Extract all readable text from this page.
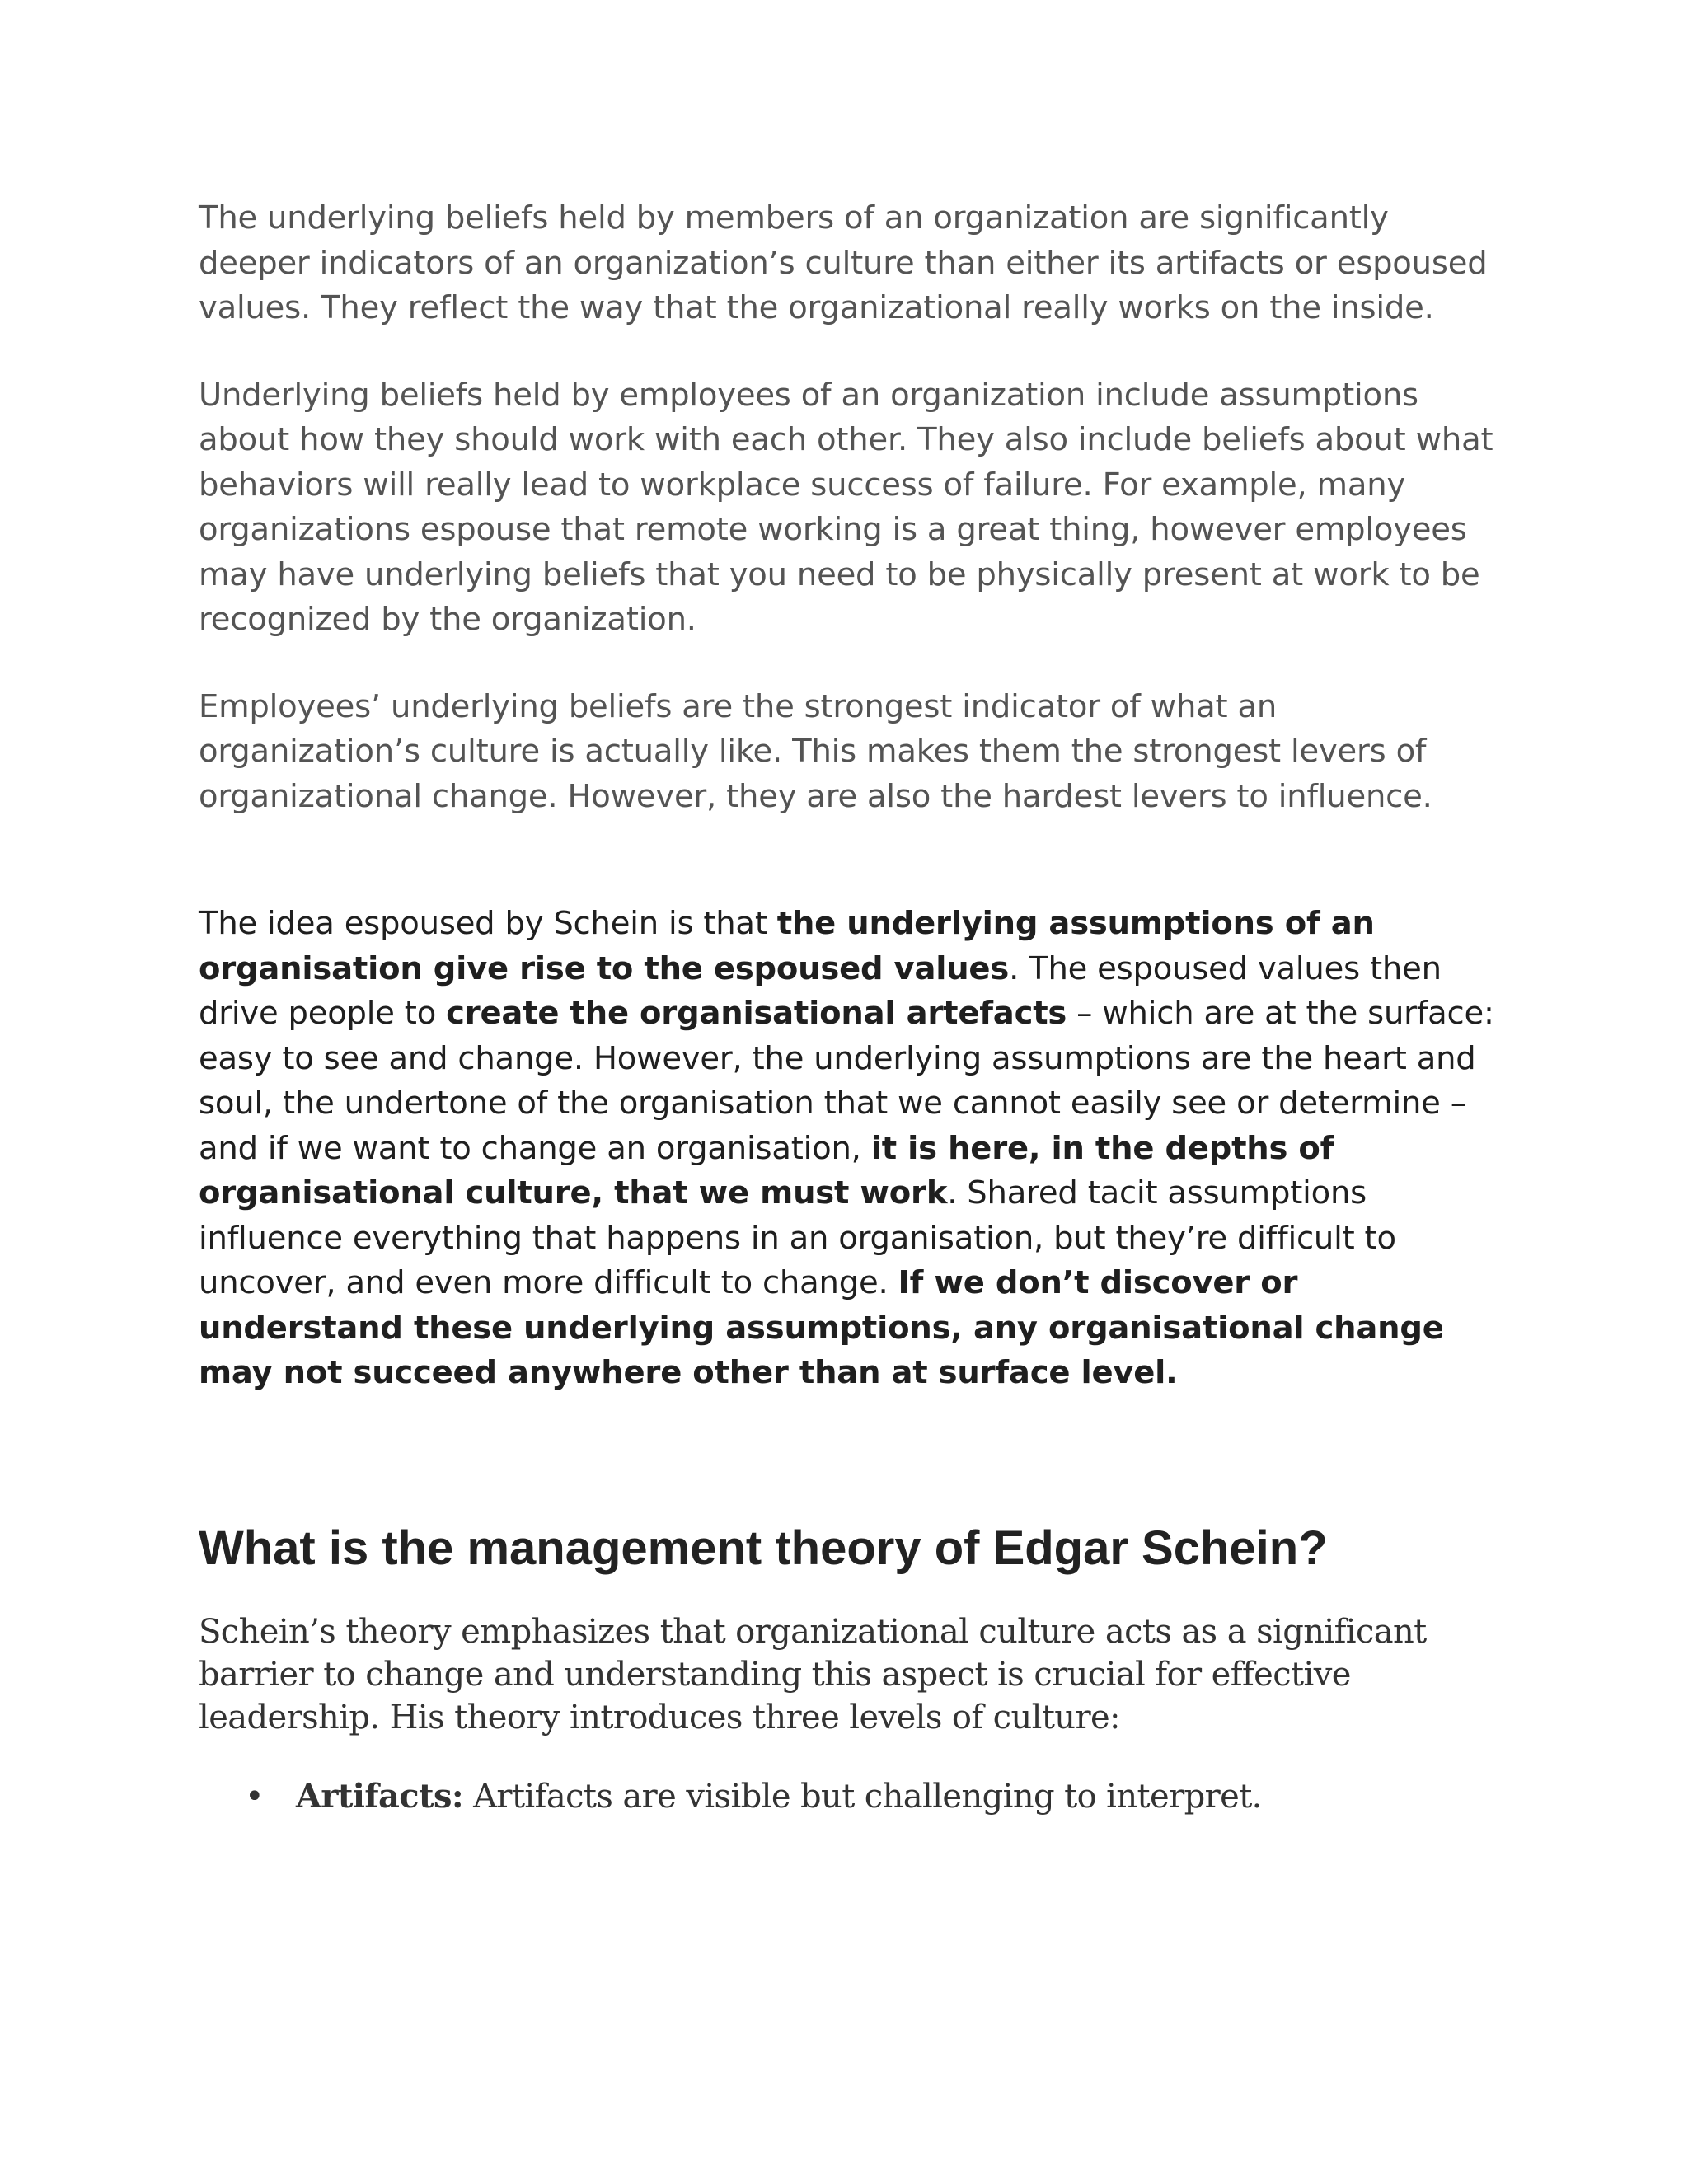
The underlying beliefs held by members of an organization are significantly deeper indicators of an organization’s culture than either its artifacts or espoused values. They reflect the way that the organizational really works on the inside.

Underlying beliefs held by employees of an organization include assumptions about how they should work with each other. They also include beliefs about what behaviors will really lead to workplace success of failure. For example, many organizations espouse that remote working is a great thing, however employees may have underlying beliefs that you need to be physically present at work to be recognized by the organization.

Employees’ underlying beliefs are the strongest indicator of what an organization’s culture is actually like. This makes them the strongest levers of organizational change. However, they are also the hardest levers to influence.

The idea espoused by Schein is that the underlying assumptions of an organisation give rise to the espoused values. The espoused values then drive people to create the organisational artefacts – which are at the surface: easy to see and change. However, the underlying assumptions are the heart and soul, the undertone of the organisation that we cannot easily see or determine – and if we want to change an organisation, it is here, in the depths of organisational culture, that we must work. Shared tacit assumptions influence everything that happens in an organisation, but they’re difficult to uncover, and even more difficult to change. If we don’t discover or understand these underlying assumptions, any organisational change may not succeed anywhere other than at surface level.

What is the management theory of Edgar Schein?

Schein’s theory emphasizes that organizational culture acts as a significant barrier to change and understanding this aspect is crucial for effective leadership. His theory introduces three levels of culture:

• Artifacts: Artifacts are visible but challenging to interpret.
